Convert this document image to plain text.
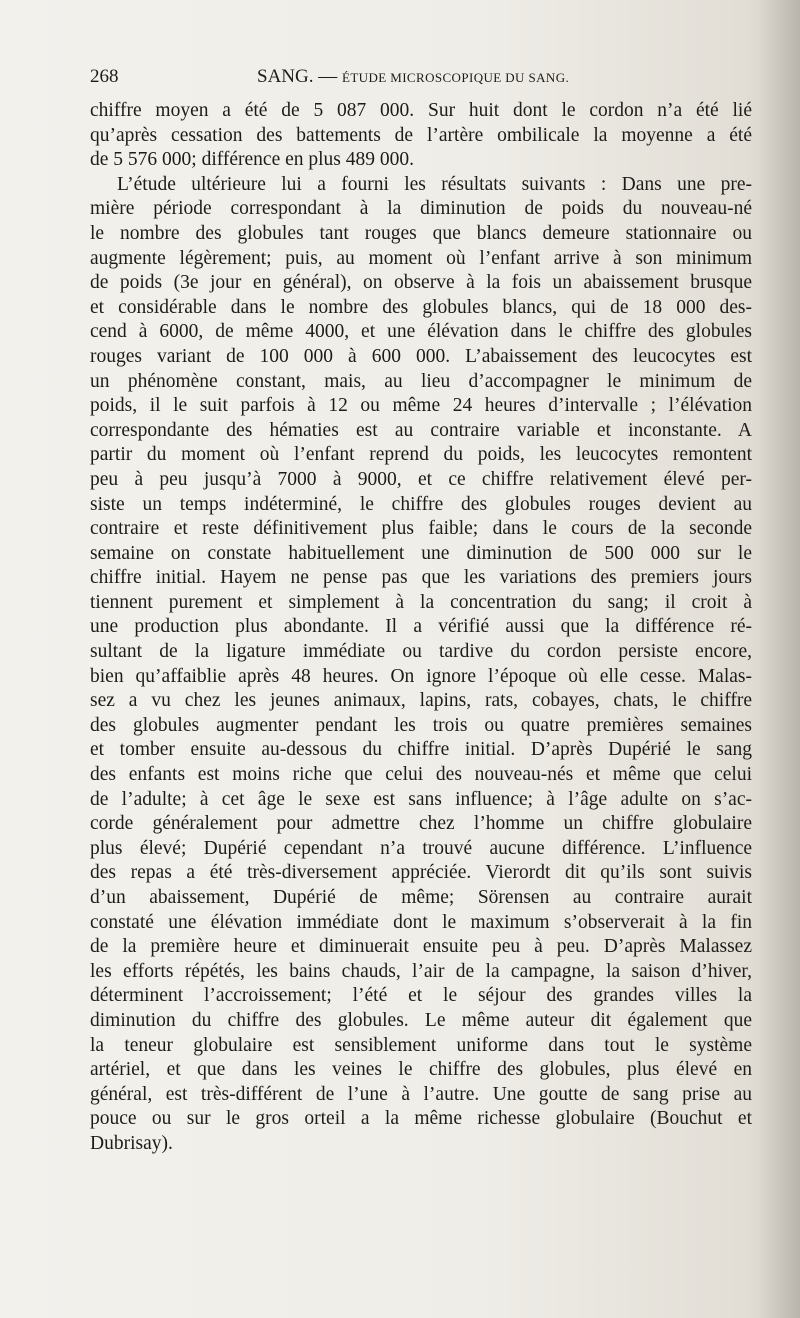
268	SANG. — ÉTUDE MICROSCOPIQUE DU SANG.
chiffre moyen a été de 5 087 000. Sur huit dont le cordon n’a été lié
qu’après cessation des battements de l’artère ombilicale la moyenne a été
de 5 576 000; différence en plus 489 000.
L’étude ultérieure lui a fourni les résultats suivants : Dans une pre-
mière période correspondant à la diminution de poids du nouveau-né
le nombre des globules tant rouges que blancs demeure stationnaire ou
augmente légèrement; puis, au moment où l’enfant arrive à son minimum
de poids (3e jour en général), on observe à la fois un abaissement brusque
et considérable dans le nombre des globules blancs, qui de 18 000 des-
cend à 6000, de même 4000, et une élévation dans le chiffre des globules
rouges variant de 100 000 à 600 000. L’abaissement des leucocytes est
un phénomène constant, mais, au lieu d’accompagner le minimum de
poids, il le suit parfois à 12 ou même 24 heures d’intervalle ; l’élévation
correspondante des hématies est au contraire variable et inconstante. A
partir du moment où l’enfant reprend du poids, les leucocytes remontent
peu à peu jusqu’à 7000 à 9000, et ce chiffre relativement élevé per-
siste un temps indéterminé, le chiffre des globules rouges devient au
contraire et reste définitivement plus faible; dans le cours de la seconde
semaine on constate habituellement une diminution de 500 000 sur le
chiffre initial. Hayem ne pense pas que les variations des premiers jours
tiennent purement et simplement à la concentration du sang; il croit à
une production plus abondante. Il a vérifié aussi que la différence ré-
sultant de la ligature immédiate ou tardive du cordon persiste encore,
bien qu’affaiblie après 48 heures. On ignore l’époque où elle cesse. Malas-
sez a vu chez les jeunes animaux, lapins, rats, cobayes, chats, le chiffre
des globules augmenter pendant les trois ou quatre premières semaines
et tomber ensuite au-dessous du chiffre initial. D’après Dupérié le sang
des enfants est moins riche que celui des nouveau-nés et même que celui
de l’adulte; à cet âge le sexe est sans influence; à l’âge adulte on s’ac-
corde généralement pour admettre chez l’homme un chiffre globulaire
plus élevé; Dupérié cependant n’a trouvé aucune différence. L’influence
des repas a été très-diversement appréciée. Vierordt dit qu’ils sont suivis
d’un abaissement, Dupérié de même; Sörensen au contraire aurait
constaté une élévation immédiate dont le maximum s’observerait à la fin
de la première heure et diminuerait ensuite peu à peu. D’après Malassez
les efforts répétés, les bains chauds, l’air de la campagne, la saison d’hiver,
déterminent l’accroissement; l’été et le séjour des grandes villes la
diminution du chiffre des globules. Le même auteur dit également que
la teneur globulaire est sensiblement uniforme dans tout le système
artériel, et que dans les veines le chiffre des globules, plus élevé en
général, est très-différent de l’une à l’autre. Une goutte de sang prise au
pouce ou sur le gros orteil a la même richesse globulaire (Bouchut et
Dubrisay).
